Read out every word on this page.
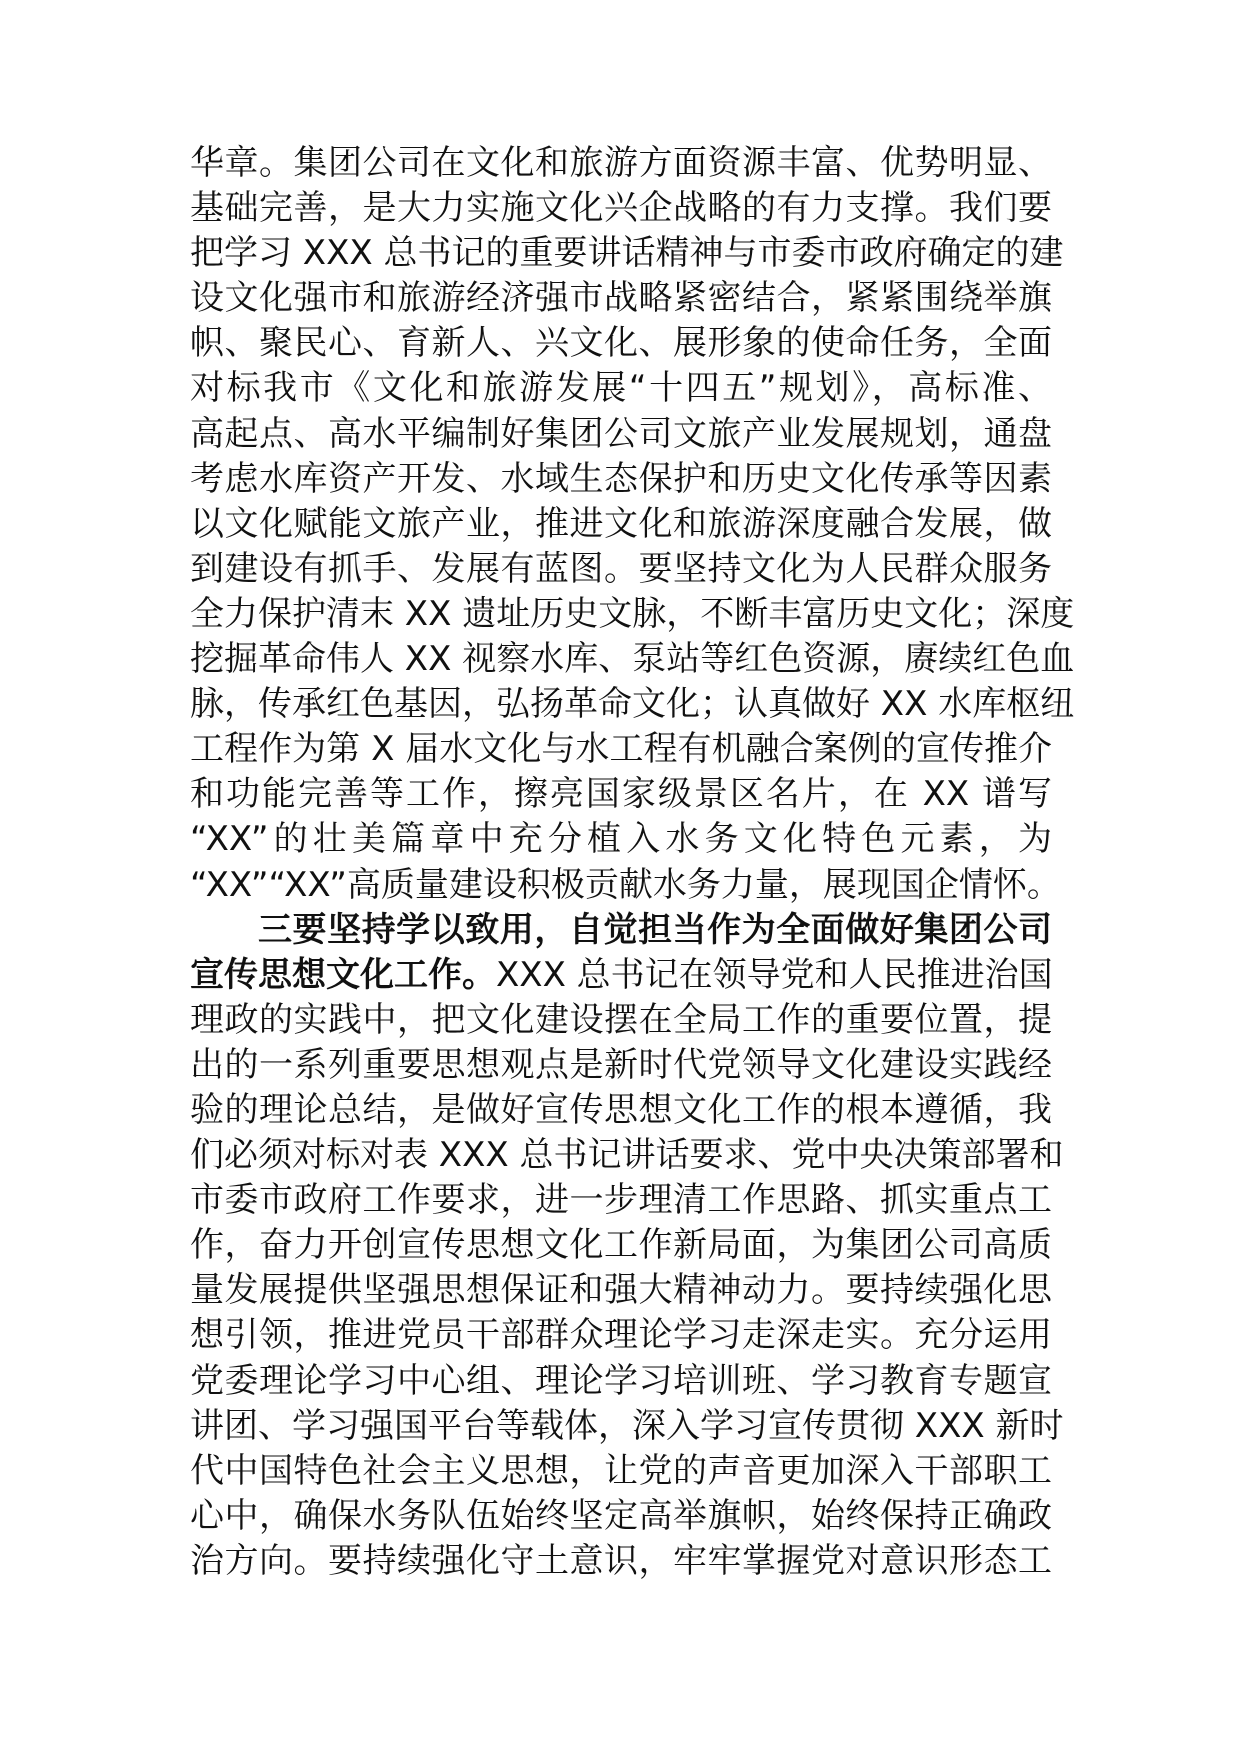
华章。集团公司在文化和旅游方面资源丰富、优势明显、
基础完善，是大力实施文化兴企战略的有力支撑。我们要
把学习 XXX 总书记的重要讲话精神与市委市政府确定的建
设文化强市和旅游经济强市战略紧密结合，紧紧围绕举旗
帜、聚民心、育新人、兴文化、展形象的使命任务，全面
对标我市《文化和旅游发展“十四五”规划》，高标准、
高起点、高水平编制好集团公司文旅产业发展规划，通盘
考虑水库资产开发、水域生态保护和历史文化传承等因素
以文化赋能文旅产业，推进文化和旅游深度融合发展，做
到建设有抓手、发展有蓝图。要坚持文化为人民群众服务
全力保护清末 XX 遗址历史文脉，不断丰富历史文化；深度
挖掘革命伟人 XX 视察水库、泵站等红色资源，赓续红色血
脉，传承红色基因，弘扬革命文化；认真做好 XX 水库枢纽
工程作为第 X 届水文化与水工程有机融合案例的宣传推介
和功能完善等工作，擦亮国家级景区名片，在 XX 谱写
“XX”的壮美篇章中充分植入水务文化特色元素，为
“XX”“XX”高质量建设积极贡献水务力量，展现国企情怀。
三要坚持学以致用，自觉担当作为全面做好集团公司
宣传思想文化工作。XXX 总书记在领导党和人民推进治国
理政的实践中，把文化建设摆在全局工作的重要位置，提
出的一系列重要思想观点是新时代党领导文化建设实践经
验的理论总结，是做好宣传思想文化工作的根本遵循，我
们必须对标对表 XXX 总书记讲话要求、党中央决策部署和
市委市政府工作要求，进一步理清工作思路、抓实重点工
作，奋力开创宣传思想文化工作新局面，为集团公司高质
量发展提供坚强思想保证和强大精神动力。要持续强化思
想引领，推进党员干部群众理论学习走深走实。充分运用
党委理论学习中心组、理论学习培训班、学习教育专题宣
讲团、学习强国平台等载体，深入学习宣传贯彻 XXX 新时
代中国特色社会主义思想，让党的声音更加深入干部职工
心中，确保水务队伍始终坚定高举旗帜，始终保持正确政
治方向。要持续强化守土意识，牢牢掌握党对意识形态工
